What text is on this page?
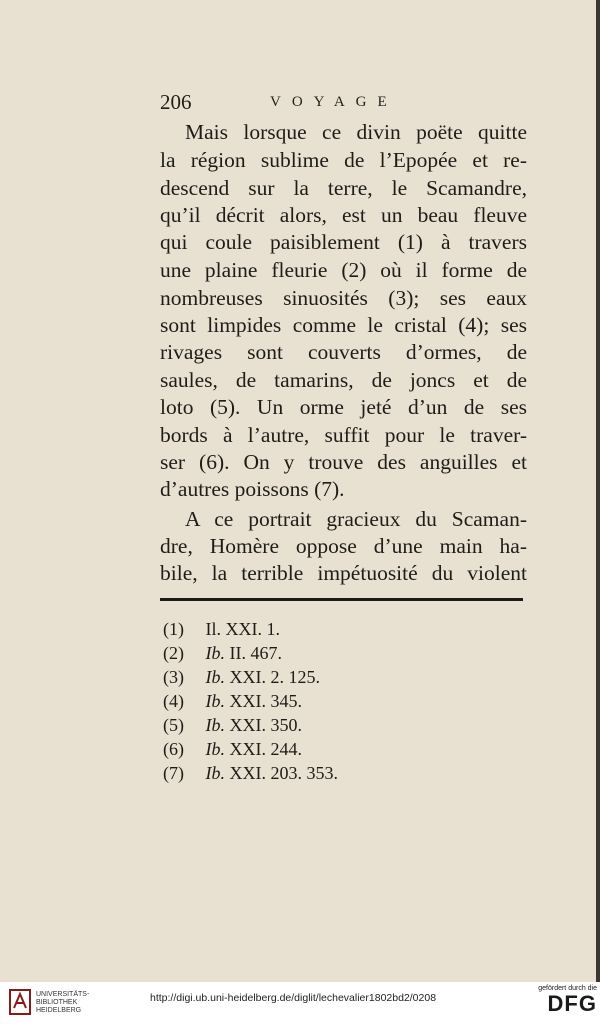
206	VOYAGE
Mais lorsque ce divin poëte quitte
la région sublime de l’Epopée et re-
descend sur la terre, le Scamandre,
qu’il décrit alors, est un beau fleuve
qui coule paisiblement (1) à travers
une plaine fleurie (2) où il forme de
nombreuses sinuosités (3); ses eaux
sont limpides comme le cristal (4); ses
rivages sont couverts d’ormes, de
saules, de tamarins, de joncs et de
loto (5). Un orme jeté d’un de ses
bords à l’autre, suffit pour le traver-
ser (6). On y trouve des anguilles et
d’autres poissons (7).
A ce portrait gracieux du Scaman-
dre, Homère oppose d’une main ha-
bile, la terrible impétuosité du violent
(1) Il. XXI. 1.
(2) Ib. II. 467.
(3) Ib. XXI. 2. 125.
(4) Ib. XXI. 345.
(5) Ib. XXI. 350.
(6) Ib. XXI. 244.
(7) Ib. XXI. 203. 353.
UNIVERSITÄTS-
BIBLIOTHEK
HEIDELBERG
http://digi.ub.uni-heidelberg.de/diglit/lechevalier1802bd2/0208
gefördert durch die
DFG
